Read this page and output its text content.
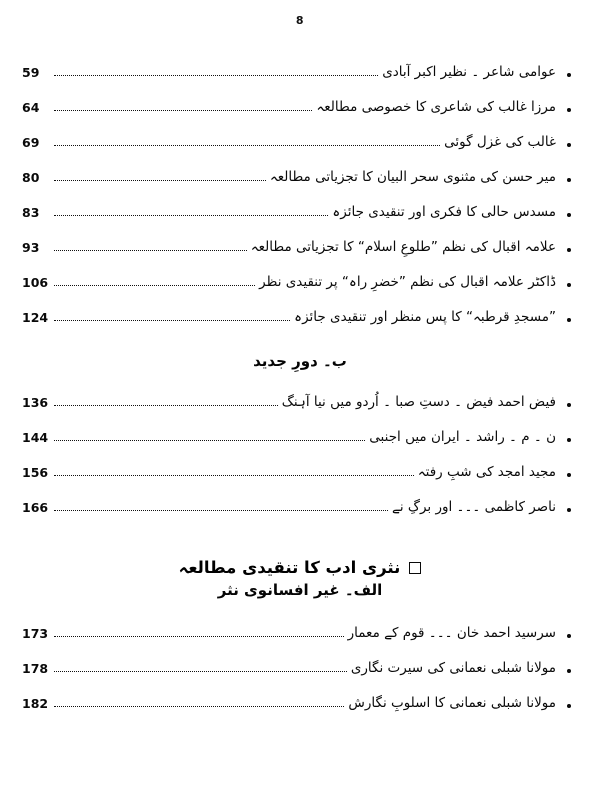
8
عوامی شاعر ۔ نظیر اکبر آبادی
59
مرزا غالب کی شاعری کا خصوصی مطالعہ
64
غالب کی غزل گوئی
69
میر حسن کی مثنوی سحر البیان کا تجزیاتی مطالعہ
80
مسدس حالی کا فکری اور تنقیدی جائزہ
83
علامہ اقبال کی نظم ”طلوعِ اسلام“ کا تجزیاتی مطالعہ
93
ڈاکٹر علامہ اقبال کی نظم ”خضرِ راہ“ پر تنقیدی نظر
106
”مسجدِ قرطبہ“ کا پس منظر اور تنقیدی جائزہ
124
ب۔ دورِ جدید
فیض احمد فیض ۔ دستِ صبا ۔ اُردو میں نیا آہنگ
136
ن ۔ م ۔ راشد ۔ ایران میں اجنبی
144
مجید امجد کی شبِ رفتہ
156
ناصر کاظمی ۔۔۔ اور برگِ نے
166
نثری ادب کا تنقیدی مطالعہ
الف۔ غیر افسانوی نثر
سرسید احمد خان ۔۔۔ قوم کے معمار
173
مولانا شبلی نعمانی کی سیرت نگاری
178
مولانا شبلی نعمانی کا اسلوبِ نگارش
182
